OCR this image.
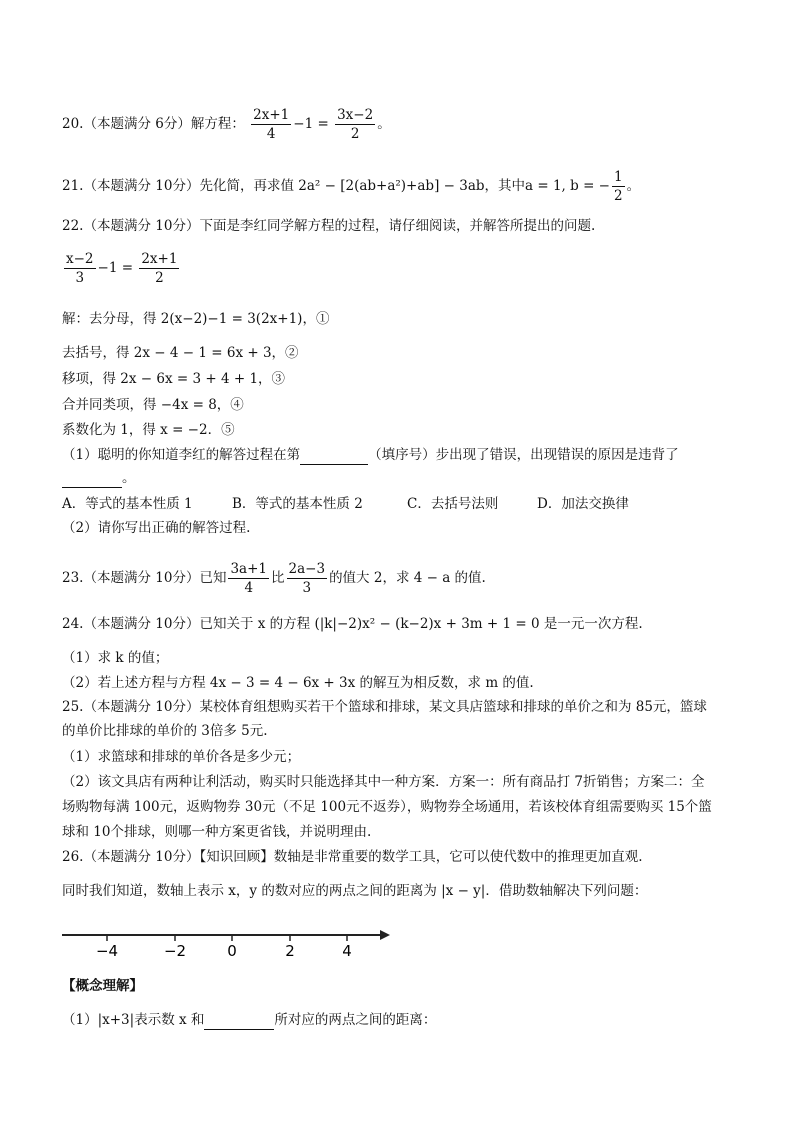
20.（本题满分 6分）解方程： $\frac{2x+1}{4} -1 = \frac{3x-2}{2}$ 。
21.（本题满分 10分）先化简，再求值 2a² − [2(ab+a²)+ab] − 3ab，其中a = 1, b = − $\frac{1}{2}$ 。
22.（本题满分 10分）下面是李红同学解方程的过程，请仔细阅读，并解答所提出的问题.
$\frac{x-2}{3} -1 = \frac{2x+1}{2}$
解：去分母，得 2(x−2)−1 = 3(2x+1)，①
去括号，得 2x − 4 − 1 = 6x + 3，②
移项，得 2x − 6x = 3 + 4 + 1，③
合并同类项，得 −4x = 8，④
系数化为 1，得 x = −2．⑤
（1）聪明的你知道李红的解答过程在第	（填序号）步出现了错误，出现错误的原因是违背了
。
A．等式的基本性质 1	B．等式的基本性质 2	C．去括号法则	D．加法交换律
（2）请你写出正确的解答过程.
23.（本题满分 10分）已知 $\frac{3a+1}{4}$ 比 $\frac{2a-3}{3}$ 的值大 2，求 4 − a 的值.
24.（本题满分 10分）已知关于 x 的方程 (|k|−2)x² − (k−2)x + 3m + 1 = 0 是一元一次方程.
（1）求 k 的值；
（2）若上述方程与方程 4x − 3 = 4 − 6x + 3x 的解互为相反数，求 m 的值.
25.（本题满分 10分）某校体育组想购买若干个篮球和排球，某文具店篮球和排球的单价之和为 85元，篮球
的单价比排球的单价的 3倍多 5元.
（1）求篮球和排球的单价各是多少元；
（2）该文具店有两种让利活动，购买时只能选择其中一种方案．方案一：所有商品打 7折销售；方案二：全
场购物每满 100元，返购物券 30元（不足 100元不返券），购物券全场通用，若该校体育组需要购买 15个篮
球和 10个排球，则哪一种方案更省钱，并说明理由.
26.（本题满分 10分）【知识回顾】数轴是非常重要的数学工具，它可以使代数中的推理更加直观.
同时我们知道，数轴上表示 x，y 的数对应的两点之间的距离为 |x − y|．借助数轴解决下列问题：
−4	−2	0	2	4
【概念理解】
（1）|x+3|表示数 x 和	所对应的两点之间的距离：
